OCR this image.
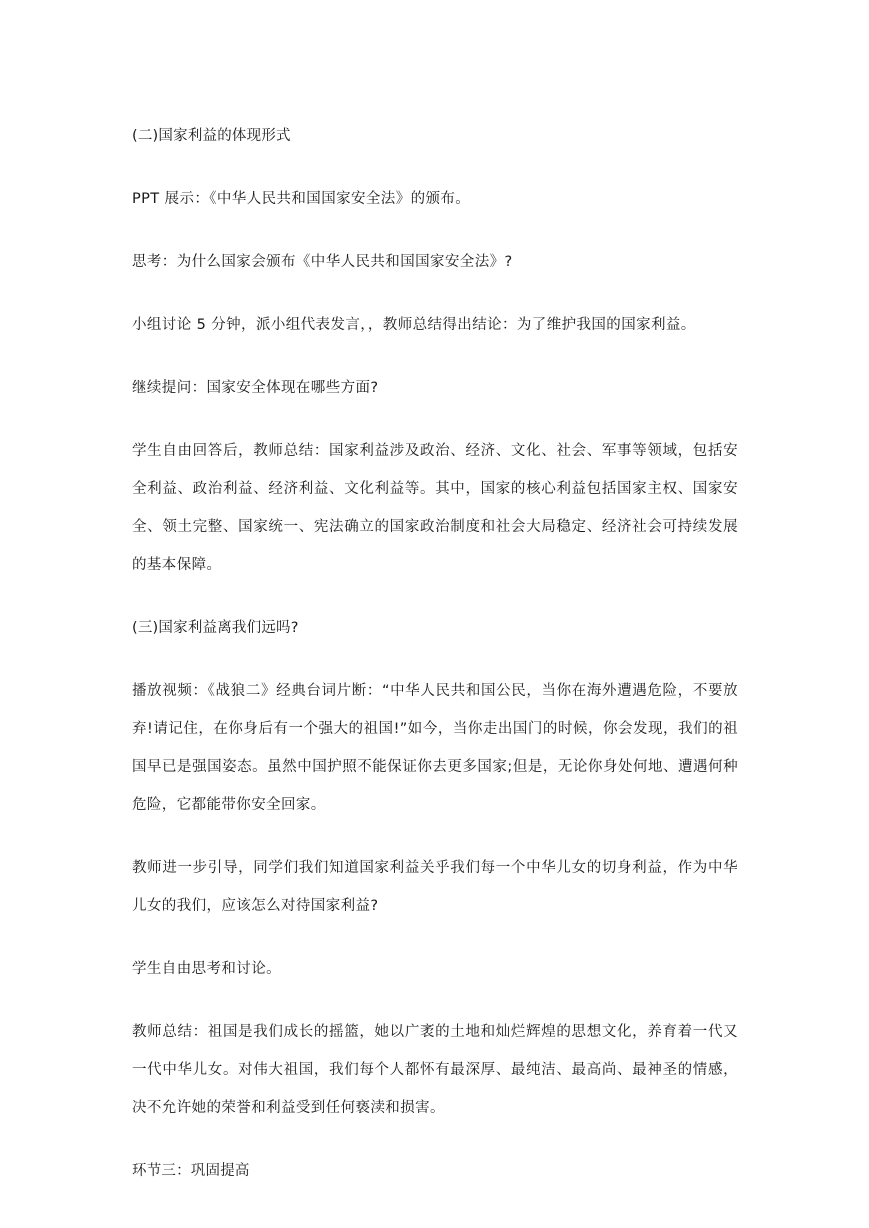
(二)国家利益的体现形式

PPT 展示：《中华人民共和国国家安全法》的颁布。

思考：为什么国家会颁布《中华人民共和国国家安全法》?

小组讨论 5 分钟，派小组代表发言，，教师总结得出结论：为了维护我国的国家利益。

继续提问：国家安全体现在哪些方面?

学生自由回答后，教师总结：国家利益涉及政治、经济、文化、社会、军事等领域，包括安全利益、政治利益、经济利益、文化利益等。其中，国家的核心利益包括国家主权、国家安全、领土完整、国家统一、宪法确立的国家政治制度和社会大局稳定、经济社会可持续发展的基本保障。

(三)国家利益离我们远吗?

播放视频：《战狼二》经典台词片断：“中华人民共和国公民，当你在海外遭遇危险，不要放弃!请记住，在你身后有一个强大的祖国!”如今，当你走出国门的时候，你会发现，我们的祖国早已是强国姿态。虽然中国护照不能保证你去更多国家;但是，无论你身处何地、遭遇何种危险，它都能带你安全回家。

教师进一步引导，同学们我们知道国家利益关乎我们每一个中华儿女的切身利益，作为中华儿女的我们，应该怎么对待国家利益?

学生自由思考和讨论。

教师总结：祖国是我们成长的摇篮，她以广袤的土地和灿烂辉煌的思想文化，养育着一代又一代中华儿女。对伟大祖国，我们每个人都怀有最深厚、最纯洁、最高尚、最神圣的情感，决不允许她的荣誉和利益受到任何亵渎和损害。

环节三：巩固提高
